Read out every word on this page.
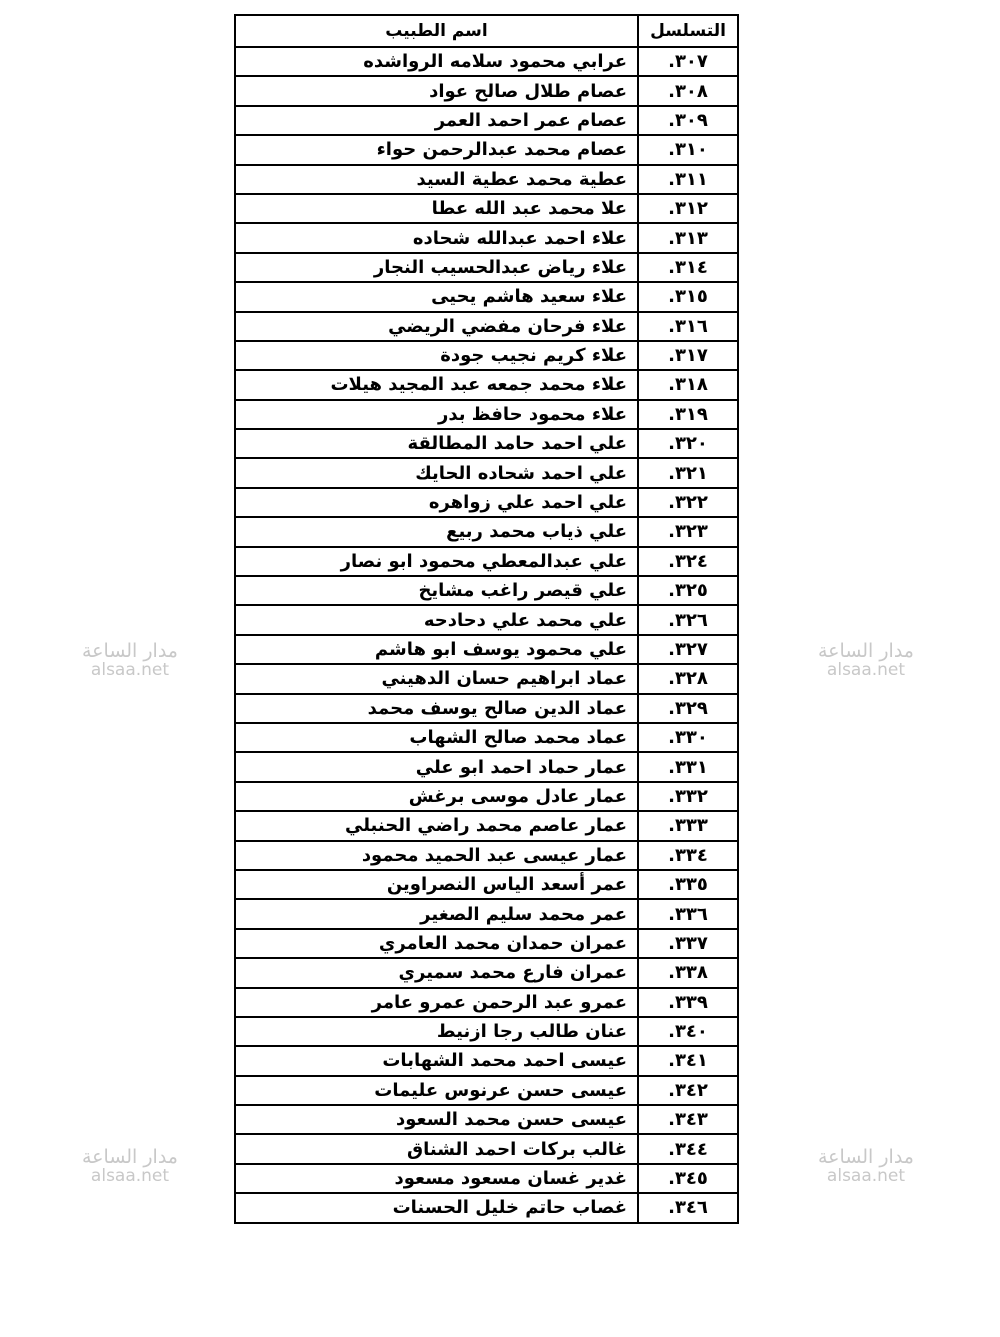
التسلسل	اسم الطبيب
٣٠٧.	عرابي محمود سلامه الرواشده
٣٠٨.	عصام طلال صالح عواد
٣٠٩.	عصام عمر احمد العمر
٣١٠.	عصام محمد عبدالرحمن حواء
٣١١.	عطية محمد عطية السيد
٣١٢.	علا محمد عبد الله عطا
٣١٣.	علاء احمد عبدالله شحاده
٣١٤.	علاء رياض عبدالحسيب النجار
٣١٥.	علاء سعيد هاشم يحيى
٣١٦.	علاء فرحان مفضي الريضي
٣١٧.	علاء كريم نجيب جودة
٣١٨.	علاء محمد جمعه عبد المجيد هيلات
٣١٩.	علاء محمود حافظ بدر
٣٢٠.	علي احمد حامد المطالقة
٣٢١.	علي احمد شحاده الحايك
٣٢٢.	علي احمد علي زواهره
٣٢٣.	علي ذياب محمد ربيع
٣٢٤.	علي عبدالمعطي محمود ابو نصار
٣٢٥.	علي قيصر راغب مشايخ
٣٢٦.	علي محمد علي دحادحه
٣٢٧.	علي محمود يوسف ابو هاشم
٣٢٨.	عماد ابراهيم حسان الدهيني
٣٢٩.	عماد الدين صالح يوسف محمد
٣٣٠.	عماد محمد صالح الشهاب
٣٣١.	عمار حماد احمد ابو علي
٣٣٢.	عمار عادل موسى برغش
٣٣٣.	عمار عاصم محمد راضي الحنبلي
٣٣٤.	عمار عيسى عبد الحميد محمود
٣٣٥.	عمر أسعد الياس النصراوين
٣٣٦.	عمر محمد سليم الصغير
٣٣٧.	عمران حمدان محمد العامري
٣٣٨.	عمران فارع محمد سميري
٣٣٩.	عمرو عبد الرحمن عمرو عامر
٣٤٠.	عنان طالب رجا ازنيط
٣٤١.	عيسى احمد محمد الشهابات
٣٤٢.	عيسى حسن عرنوس عليمات
٣٤٣.	عيسى حسن محمد السعود
٣٤٤.	غالب بركات احمد الشناق
٣٤٥.	غدير غسان مسعود مسعود
٣٤٦.	غصاب حاتم خليل الحسنات
مدار الساعة
alsaa.net
مدار الساعة
alsaa.net
مدار الساعة
alsaa.net
مدار الساعة
alsaa.net
